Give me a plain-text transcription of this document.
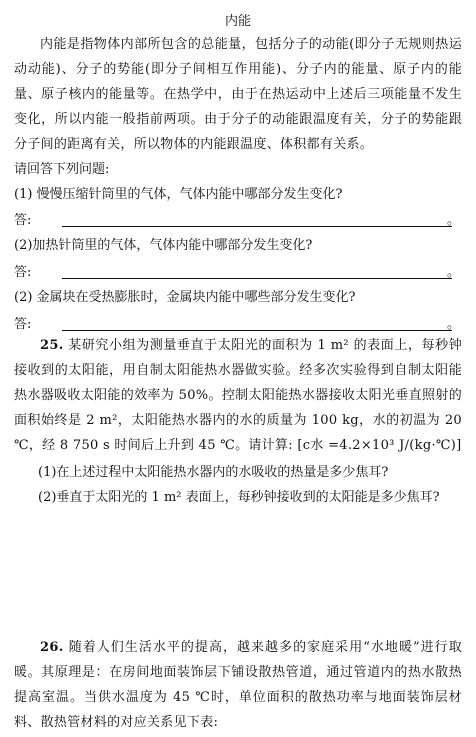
内能
内能是指物体内部所包含的总能量，包括分子的动能(即分子无规则热运动动能)、分子的势能(即分子间相互作用能)、分子内的能量、原子内的能量、原子核内的能量等。在热学中，由于在热运动中上述后三项能量不发生变化，所以内能一般指前两项。由于分子的动能跟温度有关，分子的势能跟分子间的距离有关，所以物体的内能跟温度、体积都有关系。
请回答下列问题:
(1) 慢慢压缩针筒里的气体，气体内能中哪部分发生变化?
答:	。
(2)加热针筒里的气体，气体内能中哪部分发生变化?
答:	。
(2) 金属块在受热膨胀时，金属块内能中哪些部分发生变化?
答:	。
25. 某研究小组为测量垂直于太阳光的面积为 1 m² 的表面上，每秒钟接收到的太阳能，用自制太阳能热水器做实验。经多次实验得到自制太阳能热水器吸收太阳能的效率为 50%。控制太阳能热水器接收太阳光垂直照射的面积始终是 2 m²，太阳能热水器内的水的质量为 100 kg，水的初温为 20 ℃，经 8 750 s 时间后上升到 45 ℃。请计算: [c水 =4.2×10³ J/(kg·℃)]
(1)在上述过程中太阳能热水器内的水吸收的热量是多少焦耳?
(2)垂直于太阳光的 1 m² 表面上，每秒钟接收到的太阳能是多少焦耳?
26. 随着人们生活水平的提高，越来越多的家庭采用“水地暖”进行取暖。其原理是：在房间地面装饰层下铺设散热管道，通过管道内的热水散热提高室温。当供水温度为 45 ℃时，单位面积的散热功率与地面装饰层材料、散热管材料的对应关系见下表:
